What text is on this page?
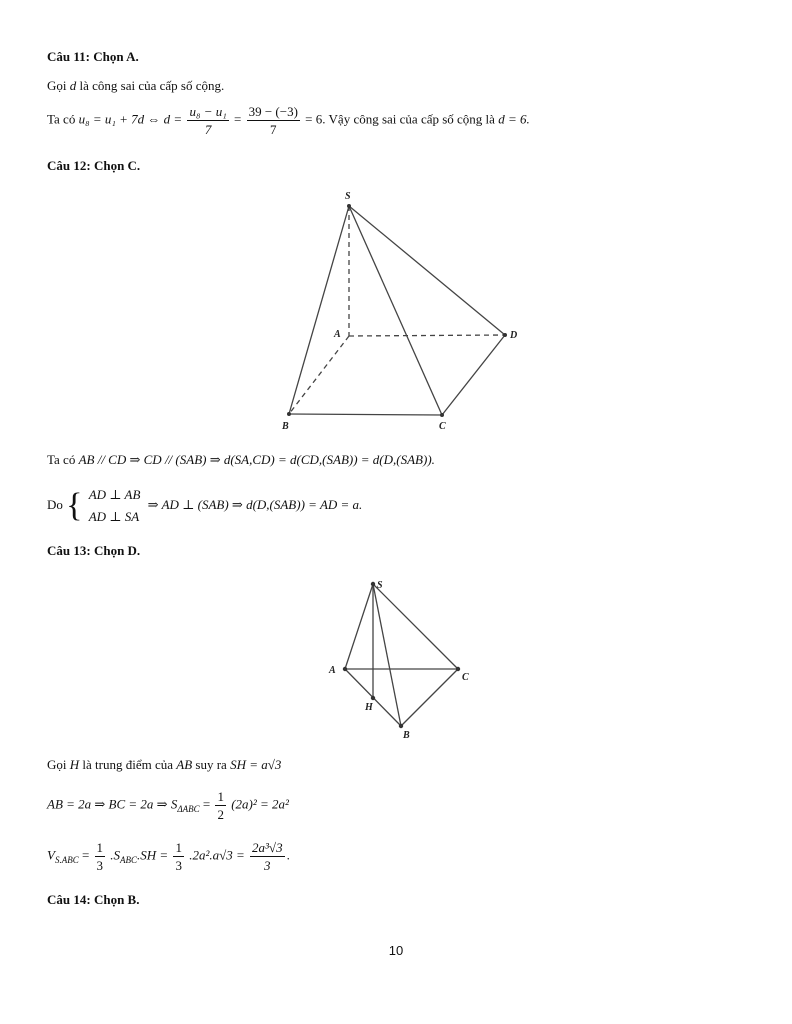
Câu 11: Chọn A.
Gọi d là công sai của cấp số cộng.
Ta có u₈ = u₁ + 7d ⇔ $d = \frac{\text{u₈ − u₁}}{7} = \frac{39 - (-3)}{7} = 6$. Vậy công sai của cấp số cộng là d = 6.
Câu 12: Chọn C.
S
A
B	C
D
Ta có AB // CD ⇒ CD // (SAB) ⇒ d(SA,CD) = d(CD,(SAB)) = d(D,(SAB)).
Do { AD ⊥ AB
AD ⊥ SA
⇒ AD ⊥ (SAB) ⇒ d(D,(SAB)) = AD = a.
Câu 13: Chọn D.
S
A
C
H
B
Gọi H là trung điểm của AB suy ra SH = a√3
AB = 2a ⇒ BC = 2a ⇒ $S_{\Delta ABC} = \frac{1}{2} (2a)^2 = 2a^2$
$V_{S.ABC} = \frac{1}{3} .S_{ABC}.SH = \frac{1}{3} .2a^2.a√3 = \frac{\text{2a³√3}}{3}$ .
Câu 14: Chọn B.
10
